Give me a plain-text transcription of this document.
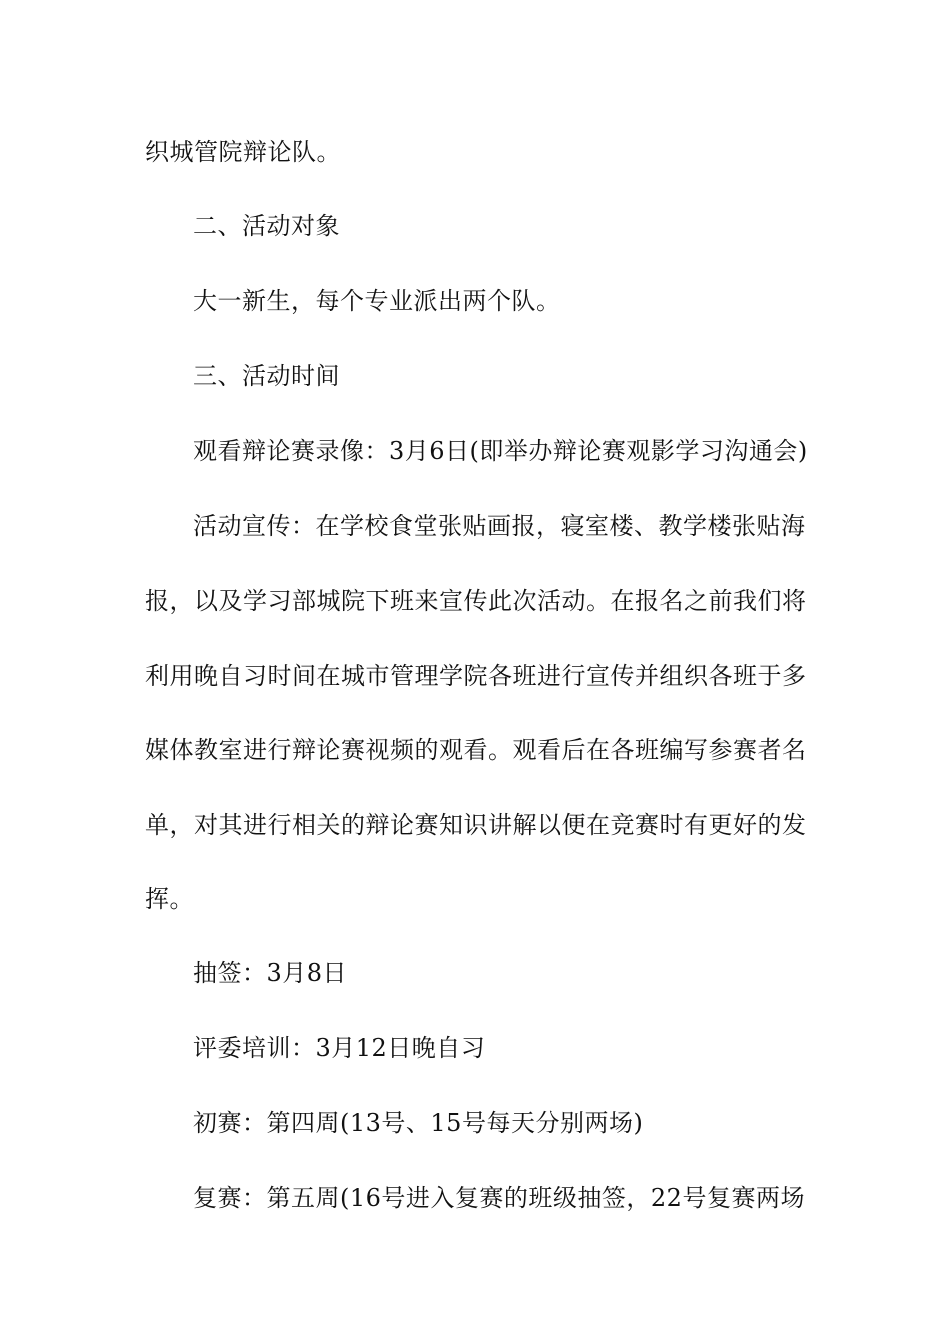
织城管院辩论队。
二、活动对象
大一新生，每个专业派出两个队。
三、活动时间
观看辩论赛录像：3月6日(即举办辩论赛观影学习沟通会)
活动宣传：在学校食堂张贴画报，寝室楼、教学楼张贴海
报，以及学习部城院下班来宣传此次活动。在报名之前我们将
利用晚自习时间在城市管理学院各班进行宣传并组织各班于多
媒体教室进行辩论赛视频的观看。观看后在各班编写参赛者名
单，对其进行相关的辩论赛知识讲解以便在竞赛时有更好的发
挥。
抽签：3月8日
评委培训：3月12日晚自习
初赛：第四周(13号、15号每天分别两场)
复赛：第五周(16号进入复赛的班级抽签，22号复赛两场
